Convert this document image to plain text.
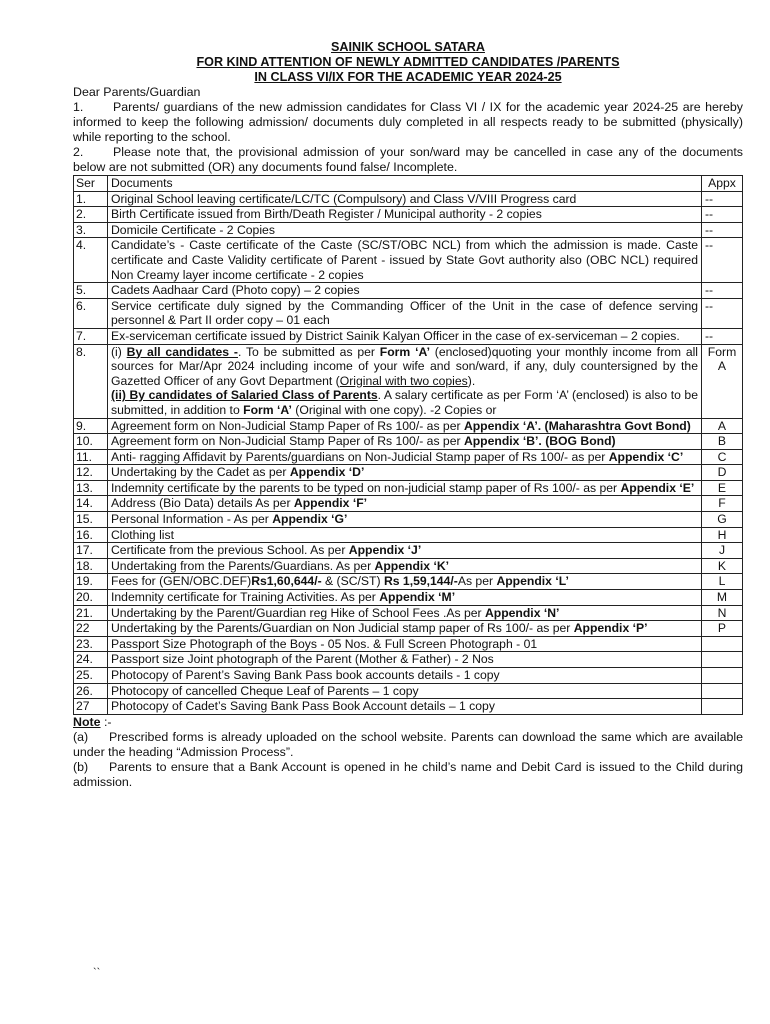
SAINIK SCHOOL SATARA
FOR KIND ATTENTION OF NEWLY ADMITTED CANDIDATES /PARENTS
IN CLASS VI/IX FOR THE ACADEMIC YEAR 2024-25
Dear Parents/Guardian
1. Parents/ guardians of the new admission candidates for Class VI / IX for the academic year 2024-25 are hereby informed to keep the following admission/ documents duly completed in all respects ready to be submitted (physically) while reporting to the school.
2. Please note that, the provisional admission of your son/ward may be cancelled in case any of the documents below are not submitted (OR) any documents found false/ Incomplete.
Ser	Documents	Appx
1.	Original School leaving certificate/LC/TC (Compulsory) and Class V/VIII Progress card	--
2.	Birth Certificate issued from Birth/Death Register / Municipal authority - 2 copies	--
3.	Domicile Certificate - 2 Copies	--
4.	Candidate’s - Caste certificate of the Caste (SC/ST/OBC NCL) from which the admission is made. Caste certificate and Caste Validity certificate of Parent - issued by State Govt authority also (OBC NCL) required Non Creamy layer income certificate - 2 copies	--
5.	Cadets Aadhaar Card (Photo copy) – 2 copies	--
6.	Service certificate duly signed by the Commanding Officer of the Unit in the case of defence serving personnel & Part II order copy – 01 each	--
7.	Ex-serviceman certificate issued by District Sainik Kalyan Officer in the case of ex-serviceman – 2 copies.	--
8.	(i) By all candidates -. To be submitted as per Form ‘A’ (enclosed)quoting your monthly income from all sources for Mar/Apr 2024 including income of your wife and son/ward, if any, duly countersigned by the Gazetted Officer of any Govt Department (Original with two copies).
(ii) By candidates of Salaried Class of Parents. A salary certificate as per Form ‘A’ (enclosed) is also to be submitted, in addition to Form ‘A’ (Original with one copy). -2 Copies or	Form A
9.	Agreement form on Non-Judicial Stamp Paper of Rs 100/- as per Appendix ‘A’. (Maharashtra Govt Bond)	A
10.	Agreement form on Non-Judicial Stamp Paper of Rs 100/- as per Appendix ‘B’. (BOG Bond)	B
11.	Anti- ragging Affidavit by Parents/guardians on Non-Judicial Stamp paper of Rs 100/- as per Appendix ‘C’	C
12.	Undertaking by the Cadet as per Appendix ‘D’	D
13.	Indemnity certificate by the parents to be typed on non-judicial stamp paper of Rs 100/- as per Appendix ‘E’	E
14.	Address (Bio Data) details As per Appendix ‘F’	F
15.	Personal Information - As per Appendix ‘G’	G
16.	Clothing list	H
17.	Certificate from the previous School. As per Appendix ‘J’	J
18.	Undertaking from the Parents/Guardians. As per Appendix ‘K’	K
19.	Fees for (GEN/OBC.DEF)Rs1,60,644/- & (SC/ST) Rs 1,59,144/-As per Appendix ‘L’	L
20.	Indemnity certificate for Training Activities. As per Appendix ‘M’	M
21.	Undertaking by the Parent/Guardian reg Hike of School Fees .As per Appendix ‘N’	N
22	Undertaking by the Parents/Guardian on Non Judicial stamp paper of Rs 100/- as per Appendix ‘P’	P
23.	Passport Size Photograph of the Boys - 05 Nos. & Full Screen Photograph - 01	
24.	Passport size Joint photograph of the Parent (Mother & Father) - 2 Nos	
25.	Photocopy of Parent’s Saving Bank Pass book accounts details - 1 copy	
26.	Photocopy of cancelled Cheque Leaf of Parents – 1 copy	
27	Photocopy of Cadet’s Saving Bank Pass Book Account details – 1 copy	
Note :-
(a) Prescribed forms is already uploaded on the school website. Parents can download the same which are available under the heading “Admission Process”.
(b) Parents to ensure that a Bank Account is opened in he child’s name and Debit Card is issued to the Child during admission.
``
